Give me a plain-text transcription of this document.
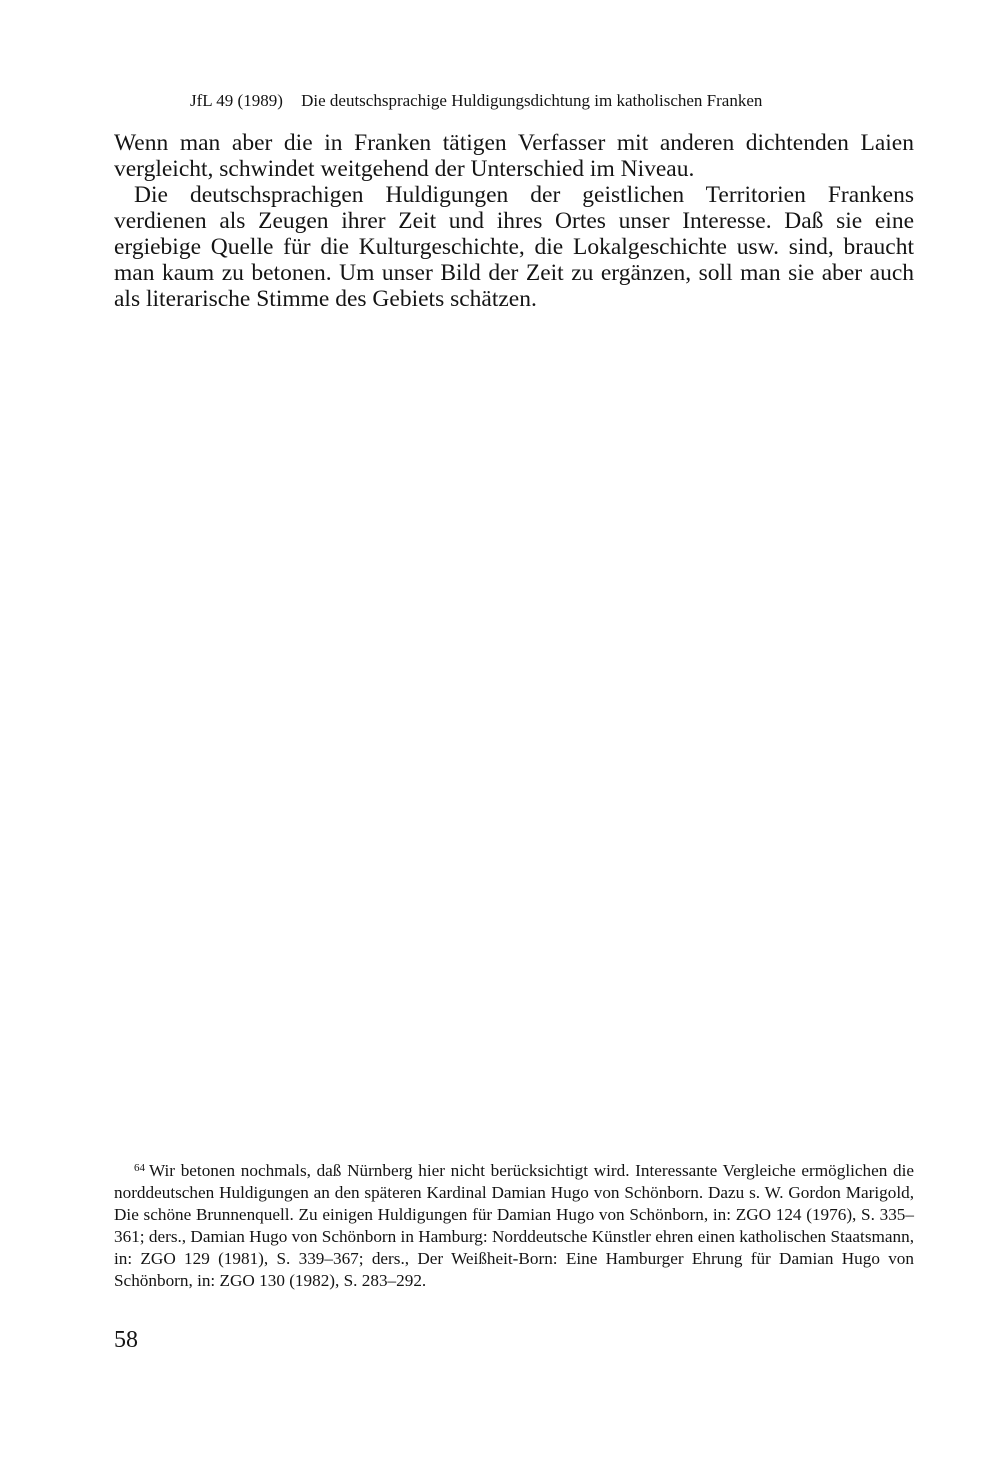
JfL 49 (1989) Die deutschsprachige Huldigungsdichtung im katholischen Franken

Wenn man aber die in Franken tätigen Verfasser mit anderen dichtenden Laien vergleicht, schwindet weitgehend der Unterschied im Niveau.

Die deutschsprachigen Huldigungen der geistlichen Territorien Frankens verdienen als Zeugen ihrer Zeit und ihres Ortes unser Interesse. Daß sie eine ergiebige Quelle für die Kulturgeschichte, die Lokalgeschichte usw. sind, braucht man kaum zu betonen. Um unser Bild der Zeit zu ergänzen, soll man sie aber auch als literarische Stimme des Gebiets schätzen.

$^{64}$ Wir betonen nochmals, daß Nürnberg hier nicht berücksichtigt wird. Interessante Vergleiche ermöglichen die norddeutschen Huldigungen an den späteren Kardinal Damian Hugo von Schönborn. Dazu s. W. Gordon Marigold, Die schöne Brunnenquell. Zu einigen Huldigungen für Damian Hugo von Schönborn, in: ZGO 124 (1976), S. 335–361; ders., Damian Hugo von Schönborn in Hamburg: Norddeutsche Künstler ehren einen katholischen Staatsmann, in: ZGO 129 (1981), S. 339–367; ders., Der Weißheit-Born: Eine Hamburger Ehrung für Damian Hugo von Schönborn, in: ZGO 130 (1982), S. 283–292.

58
